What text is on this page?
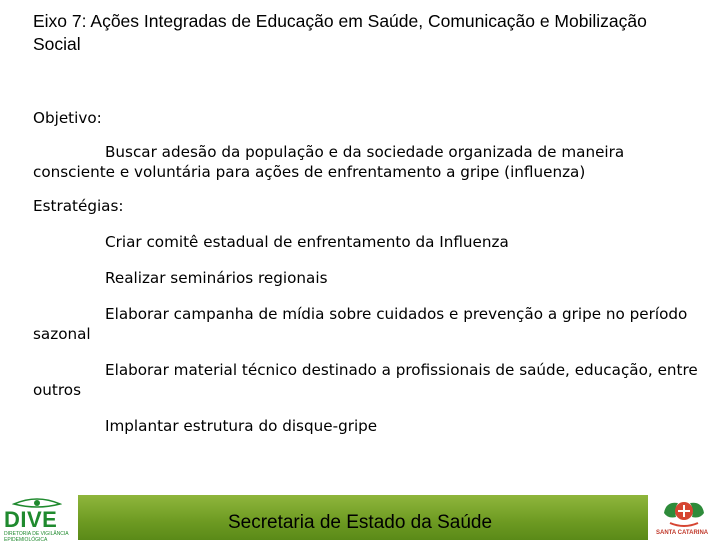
Eixo 7: Ações Integradas de Educação em Saúde, Comunicação e Mobilização Social

Objetivo:

Buscar adesão da população e da sociedade organizada de maneira consciente e voluntária para ações de enfrentamento a gripe (influenza)

Estratégias:

Criar comitê estadual de enfrentamento da Influenza
Realizar seminários regionais
Elaborar campanha de mídia sobre cuidados e prevenção a gripe no período sazonal
Elaborar material técnico destinado a profissionais de saúde, educação, entre outros
Implantar estrutura do disque-gripe
Secretaria de Estado da Saúde
DIVE
DIRETORIA DE VIGILÂNCIA EPIDEMIOLÓGICA
SANTA CATARINA
